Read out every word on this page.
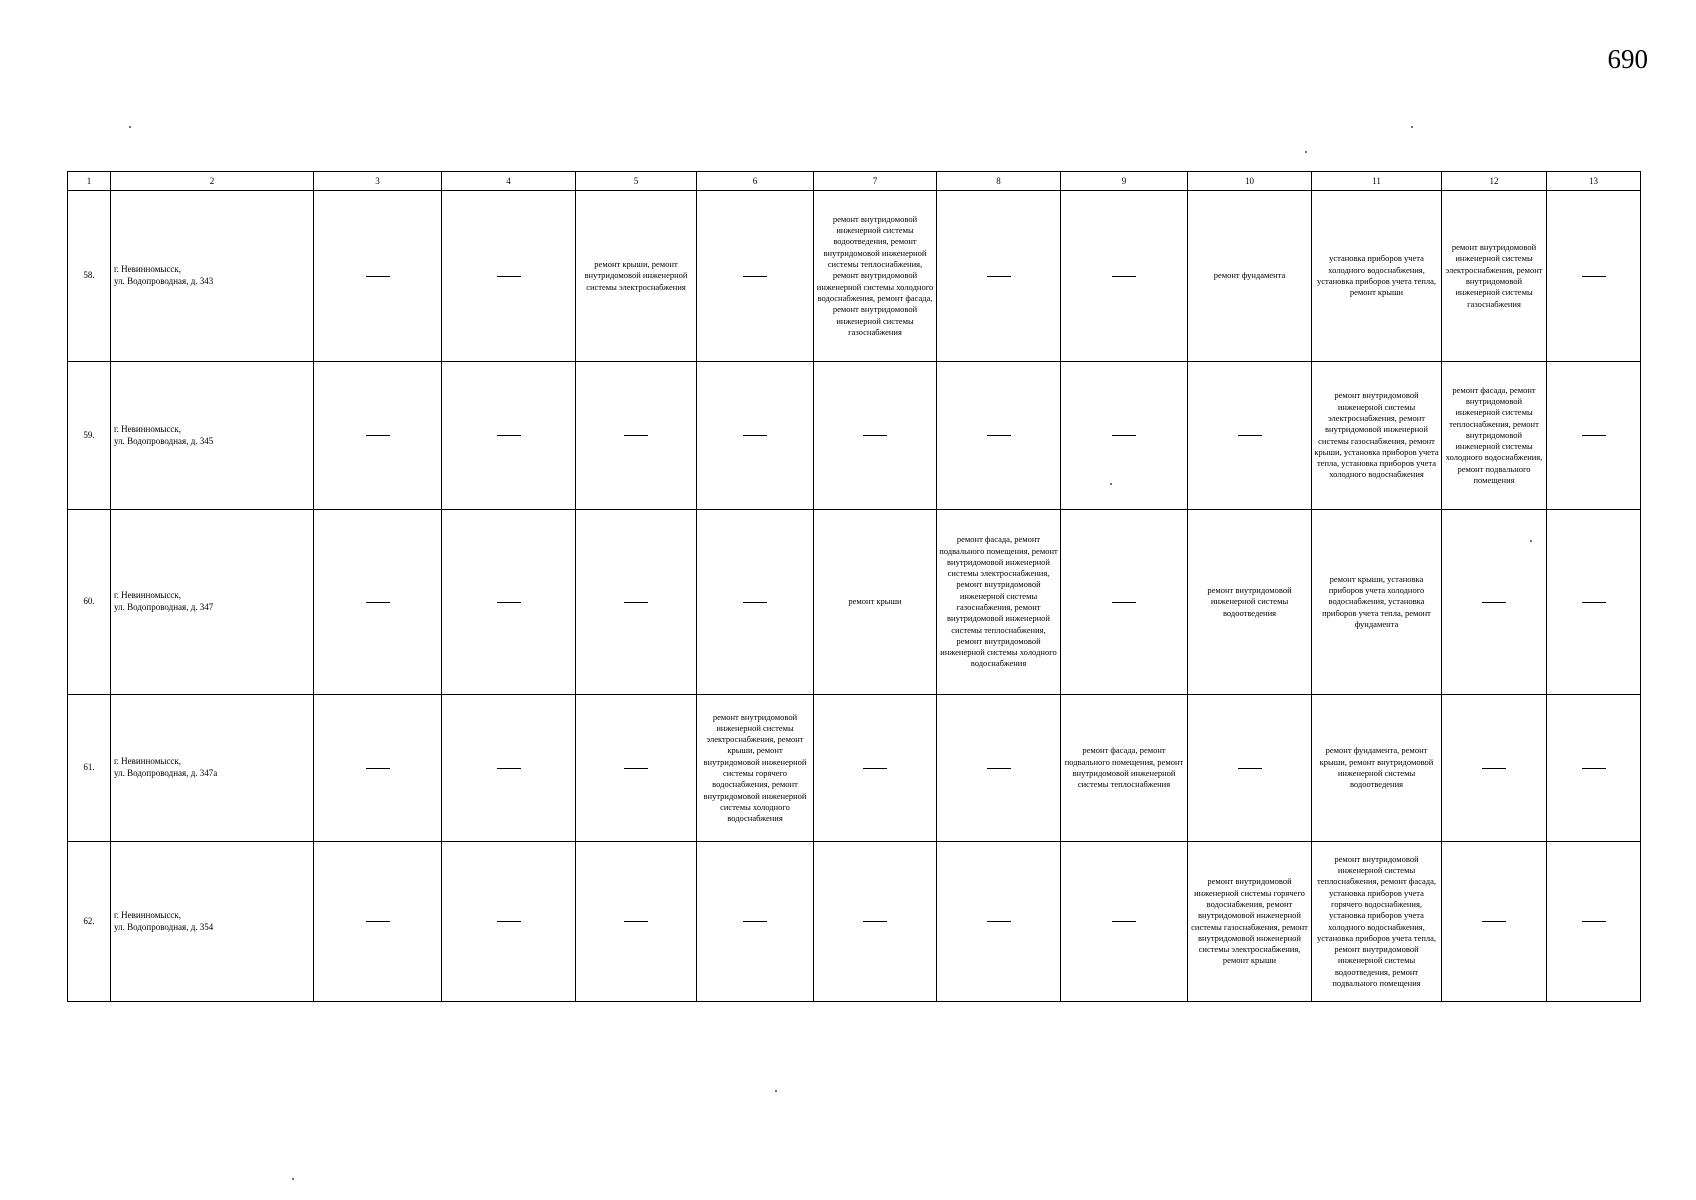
690
1	2	3	4	5	6	7	8	9	10	11	12	13
58.	г. Невинномысск,
ул. Водопроводная, д. 343			ремонт крыши, ремонт внутридомовой инженерной системы электроснабжения		ремонт внутридомовой инженерной системы водоотведения, ремонт внутридомовой инженерной системы теплоснабжения, ремонт внутридомовой инженерной системы холодного водоснабжения, ремонт фасада, ремонт внутридомовой инженерной системы газоснабжения			ремонт фундамента	установка приборов учета холодного водоснабжения, установка приборов учета тепла, ремонт крыши	ремонт внутридомовой инженерной системы электроснабжения, ремонт внутридомовой инженерной системы газоснабжения	
59.	г. Невинномысск,
ул. Водопроводная, д. 345									ремонт внутридомовой инженерной системы электроснабжения, ремонт внутридомовой инженерной системы газоснабжения, ремонт крыши, установка приборов учета тепла, установка приборов учета холодного водоснабжения	ремонт фасада, ремонт внутридомовой инженерной системы теплоснабжения, ремонт внутридомовой инженерной системы холодного водоснабжения, ремонт подвального помещения	
60.	г. Невинномысск,
ул. Водопроводная, д. 347					ремонт крыши	ремонт фасада, ремонт подвального помещения, ремонт внутридомовой инженерной системы электроснабжения, ремонт внутридомовой инженерной системы газоснабжения, ремонт внутридомовой инженерной системы теплоснабжения, ремонт внутридомовой инженерной системы холодного водоснабжения		ремонт внутридомовой инженерной системы водоотведения	ремонт крыши, установка приборов учета холодного водоснабжения, установка приборов учета тепла, ремонт фундамента		
61.	г. Невинномысск,
ул. Водопроводная, д. 347а				ремонт внутридомовой инженерной системы электроснабжения, ремонт крыши, ремонт внутридомовой инженерной системы горячего водоснабжения, ремонт внутридомовой инженерной системы холодного водоснабжения			ремонт фасада, ремонт подвального помещения, ремонт внутридомовой инженерной системы теплоснабжения		ремонт фундамента, ремонт крыши, ремонт внутридомовой инженерной системы водоотведения		
62.	г. Невинномысск,
ул. Водопроводная, д. 354								ремонт внутридомовой инженерной системы горячего водоснабжения, ремонт внутридомовой инженерной системы газоснабжения, ремонт внутридомовой инженерной системы электроснабжения, ремонт крыши	ремонт внутридомовой инженерной системы теплоснабжения, ремонт фасада, установка приборов учета горячего водоснабжения, установка приборов учета холодного водоснабжения, установка приборов учета тепла, ремонт внутридомовой инженерной системы водоотведения, ремонт подвального помещения		
